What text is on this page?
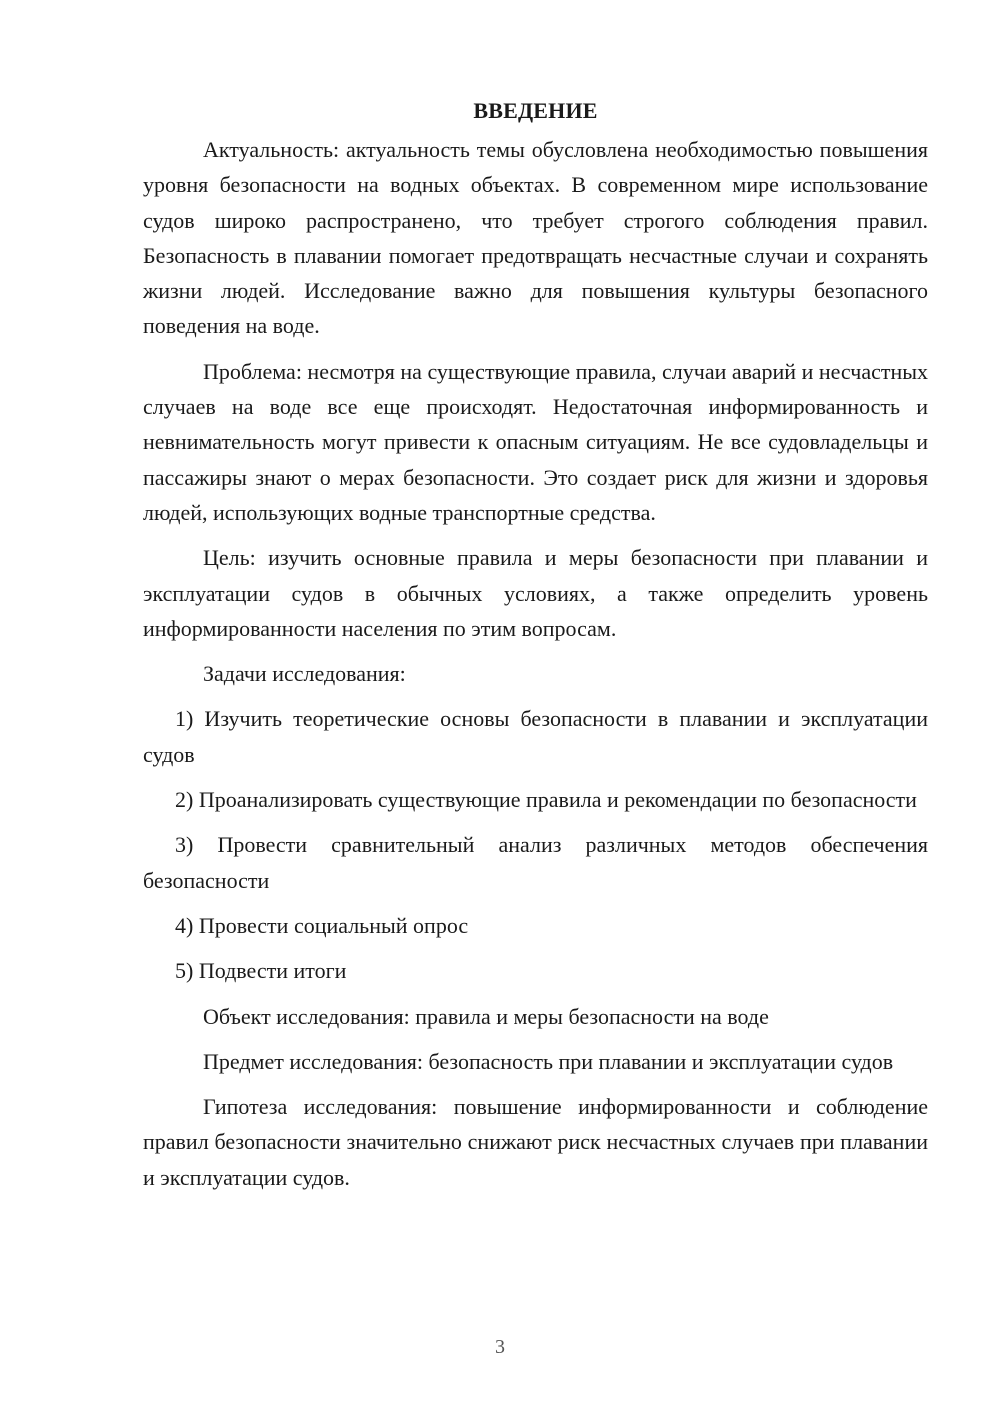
ВВЕДЕНИЕ

Актуальность: актуальность темы обусловлена необходимостью повышения уровня безопасности на водных объектах. В современном мире использование судов широко распространено, что требует строгого соблюдения правил. Безопасность в плавании помогает предотвращать несчастные случаи и сохранять жизни людей. Исследование важно для повышения культуры безопасного поведения на воде.

Проблема: несмотря на существующие правила, случаи аварий и несчастных случаев на воде все еще происходят. Недостаточная информированность и невнимательность могут привести к опасным ситуациям. Не все судовладельцы и пассажиры знают о мерах безопасности. Это создает риск для жизни и здоровья людей, использующих водные транспортные средства.

Цель: изучить основные правила и меры безопасности при плавании и эксплуатации судов в обычных условиях, а также определить уровень информированности населения по этим вопросам.

Задачи исследования:

1) Изучить теоретические основы безопасности в плавании и эксплуатации судов

2) Проанализировать существующие правила и рекомендации по безопасности

3) Провести сравнительный анализ различных методов обеспечения безопасности

4) Провести социальный опрос

5) Подвести итоги

Объект исследования: правила и меры безопасности на воде

Предмет исследования: безопасность при плавании и эксплуатации судов

Гипотеза исследования: повышение информированности и соблюдение правил безопасности значительно снижают риск несчастных случаев при плавании и эксплуатации судов.

3
